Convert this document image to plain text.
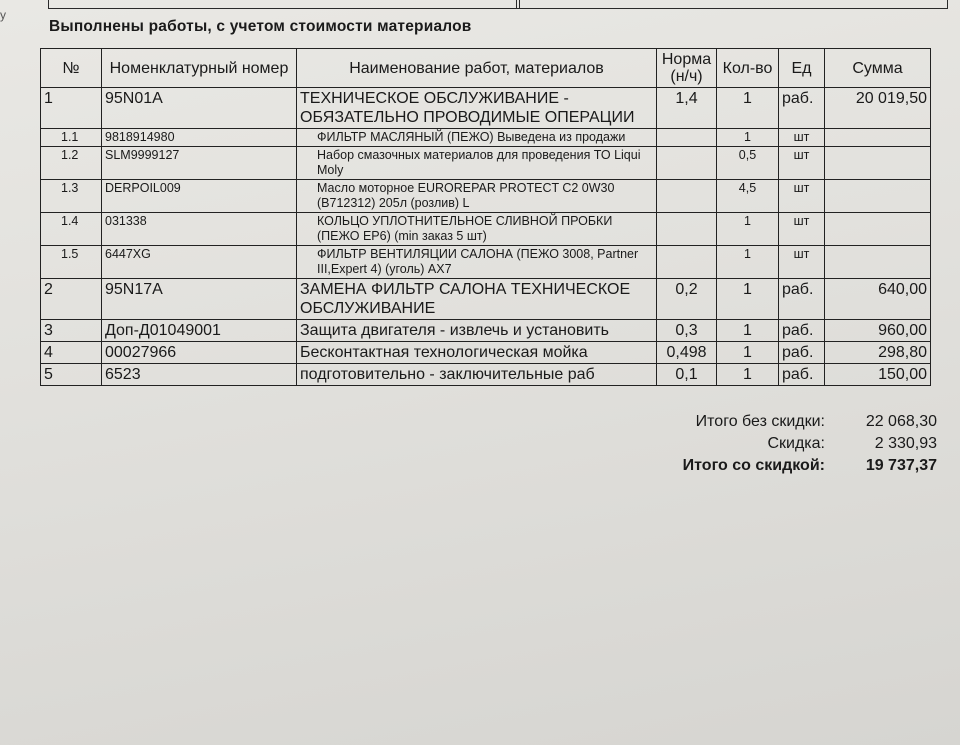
у
Выполнены работы, с учетом стоимости материалов
№	Номенклатурный номер	Наименование работ, материалов	Норма (н/ч)	Кол-во	Ед	Сумма
1	95N01A	ТЕХНИЧЕСКОЕ ОБСЛУЖИВАНИЕ - ОБЯЗАТЕЛЬНО ПРОВОДИМЫЕ ОПЕРАЦИИ	1,4	1	раб.	20 019,50
1.1	9818914980	ФИЛЬТР МАСЛЯНЫЙ (ПЕЖО) Выведена из продажи		1	шт	
1.2	SLM9999127	Набор смазочных материалов для проведения ТО Liqui Moly		0,5	шт	
1.3	DERPOIL009	Масло моторное EUROREPAR PROTECT C2 0W30 (B712312) 205л (розлив) L		4,5	шт	
1.4	031338	КОЛЬЦО УПЛОТНИТЕЛЬНОЕ СЛИВНОЙ ПРОБКИ (ПЕЖО EP6) (min заказ 5 шт)		1	шт	
1.5	6447XG	ФИЛЬТР ВЕНТИЛЯЦИИ САЛОНА (ПЕЖО 3008, Partner III,Expert 4) (уголь) AX7		1	шт	
2	95N17A	ЗАМЕНА ФИЛЬТР САЛОНА ТЕХНИЧЕСКОЕ ОБСЛУЖИВАНИЕ	0,2	1	раб.	640,00
3	Доп-Д01049001	Защита двигателя - извлечь и установить	0,3	1	раб.	960,00
4	00027966	Бесконтактная технологическая мойка	0,498	1	раб.	298,80
5	6523	подготовительно - заключительные раб	0,1	1	раб.	150,00
Итого без скидки:	22 068,30
Скидка:	2 330,93
Итого со скидкой:	19 737,37
